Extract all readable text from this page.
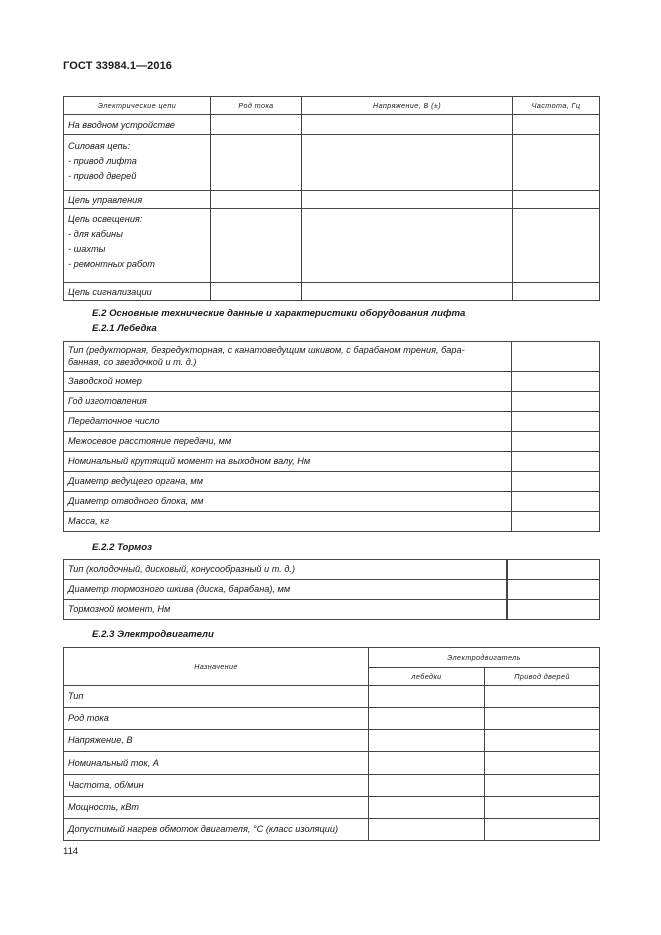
ГОСТ 33984.1—2016
Электрические цепи	Род тока	Напряжение, В (±)	Частота, Гц

На вводном устройстве			

Силовая цепь:
- привод лифта
- привод дверей			

Цепь управления			

Цепь освещения:
- для кабины
- шахты
- ремонтных работ			

Цепь сигнализации			

Е.2 Основные технические данные и характеристики оборудования лифта
Е.2.1 Лебедка
Тип (редукторная, безредукторная, с канатоведущим шкивом, с барабаном трения, бара-
банная, со звездочкой и т. д.)	

Заводской номер	
Год изготовления	
Передаточное число	
Межосевое расстояние передачи, мм	
Номинальный крутящий момент на выходном валу, Нм	
Диаметр ведущего органа, мм	
Диаметр отводного блока, мм	
Масса, кг	
Е.2.2 Тормоз
Тип (колодочный, дисковый, конусообразный и т. д.)	
Диаметр тормозного шкива (диска, барабана), мм	
Тормозной момент, Нм	
Е.2.3 Электродвигатели
Назначение	Электродвигатель	
	лебедки	Привод дверей
Тип		
Род тока		
Напряжение, В		
Номинальный ток, А		
Частота, об/мин		
Мощность, кВт		
Допустимый нагрев обмоток двигателя, °С (класс изоляции)		
114
